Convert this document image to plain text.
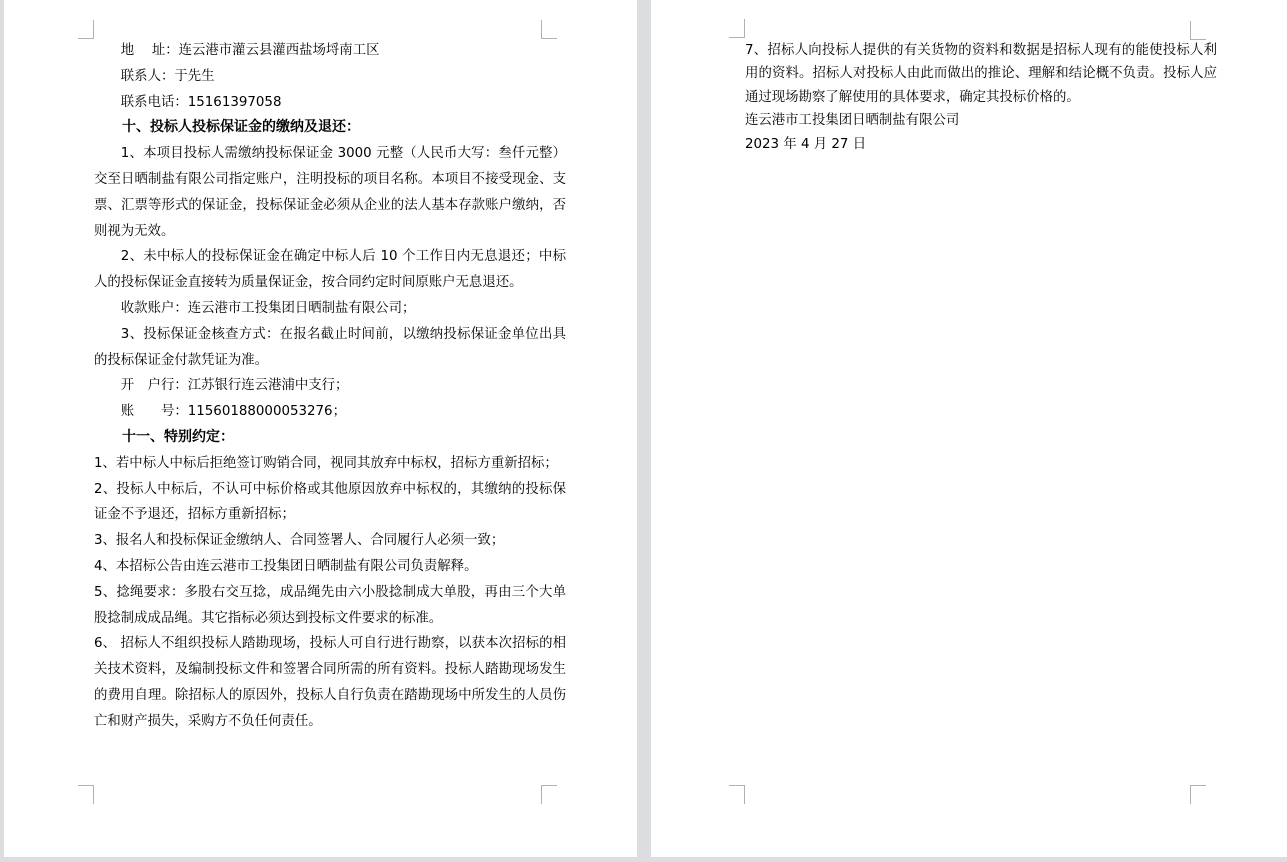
地　 址：连云港市灌云县灌西盐场埒南工区

联系人：于先生

联系电话：15161397058

十、投标人投标保证金的缴纳及退还：

1、本项目投标人需缴纳投标保证金 3000 元整（人民币大写：叁仟元整）交至日晒制盐有限公司指定账户，注明投标的项目名称。本项目不接受现金、支票、汇票等形式的保证金，投标保证金必须从企业的法人基本存款账户缴纳，否则视为无效。

2、未中标人的投标保证金在确定中标人后 10 个工作日内无息退还；中标人的投标保证金直接转为质量保证金，按合同约定时间原账户无息退还。

收款账户：连云港市工投集团日晒制盐有限公司；

3、投标保证金核查方式：在报名截止时间前，以缴纳投标保证金单位出具的投标保证金付款凭证为准。

开　户行：江苏银行连云港浦中支行；

账　　号：11560188000053276；

十一、特别约定：

1、若中标人中标后拒绝签订购销合同，视同其放弃中标权，招标方重新招标；

2、投标人中标后，不认可中标价格或其他原因放弃中标权的，其缴纳的投标保证金不予退还，招标方重新招标；

3、报名人和投标保证金缴纳人、合同签署人、合同履行人必须一致；

4、本招标公告由连云港市工投集团日晒制盐有限公司负责解释。

5、捻绳要求：多股右交互捻，成品绳先由六小股捻制成大单股，再由三个大单股捻制成成品绳。其它指标必须达到投标文件要求的标准。

6、 招标人不组织投标人踏勘现场，投标人可自行进行勘察，以获本次招标的相关技术资料，及编制投标文件和签署合同所需的所有资料。投标人踏勘现场发生的费用自理。除招标人的原因外，投标人自行负责在踏勘现场中所发生的人员伤亡和财产损失，采购方不负任何责任。

7、招标人向投标人提供的有关货物的资料和数据是招标人现有的能使投标人利用的资料。招标人对投标人由此而做出的推论、理解和结论概不负责。投标人应通过现场勘察了解使用的具体要求，确定其投标价格的。

连云港市工投集团日晒制盐有限公司

2023 年 4 月 27 日
